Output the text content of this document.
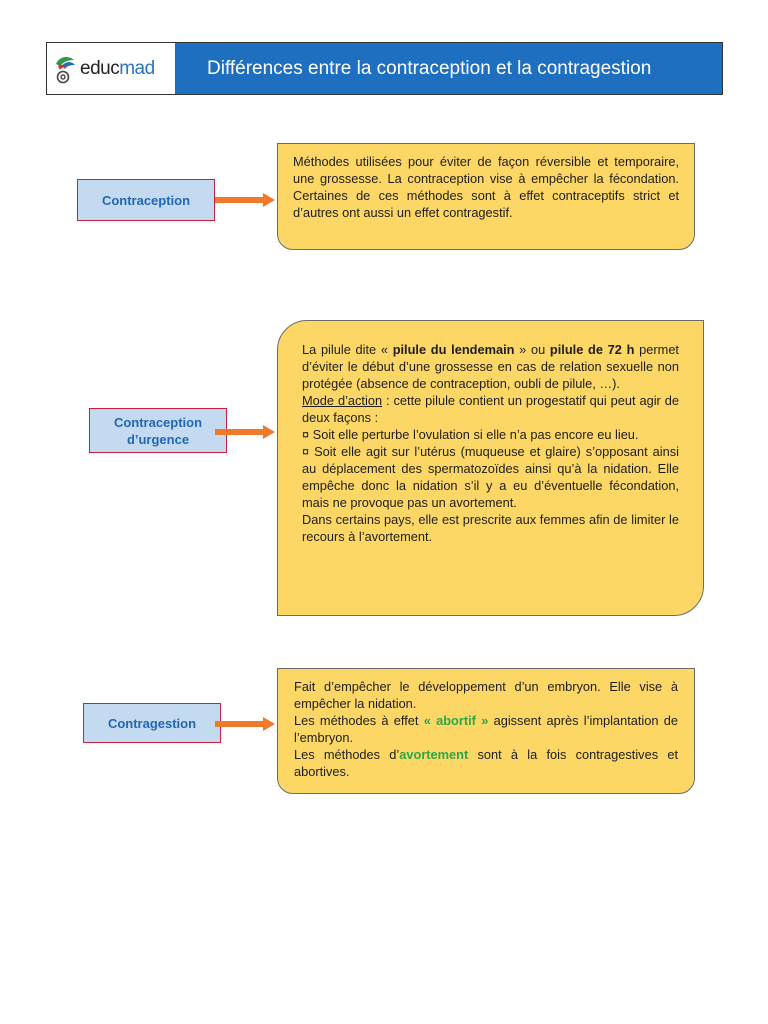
educmad	Différences entre la contraception et la contragestion
Contraception

Méthodes utilisées pour éviter de façon réversible et temporaire, une grossesse. La contraception vise à empêcher la fécondation. Certaines de ces méthodes sont à effet contraceptifs strict et d’autres ont aussi un effet contragestif.

Contraception
d’urgence

La pilule dite « pilule du lendemain » ou pilule de 72 h permet d’éviter le début d’une grossesse en cas de relation sexuelle non protégée (absence de contraception, oubli de pilule, …).

Mode d’action : cette pilule contient un progestatif qui peut agir de deux façons :

¤ Soit elle perturbe l’ovulation si elle n’a pas encore eu lieu.

¤ Soit elle agit sur l’utérus (muqueuse et glaire) s’opposant ainsi au déplacement des spermatozoïdes ainsi qu’à la nidation. Elle empêche donc la nidation s’il y a eu d’éventuelle fécondation, mais ne provoque pas un avortement.

Dans certains pays, elle est prescrite aux femmes afin de limiter le recours à l’avortement.

Contragestion

Fait d’empêcher le développement d’un embryon. Elle vise à empêcher la nidation.

Les méthodes à effet « abortif » agissent après l’implantation de l’embryon.

Les méthodes d’avortement sont à la fois contragestives et abortives.
